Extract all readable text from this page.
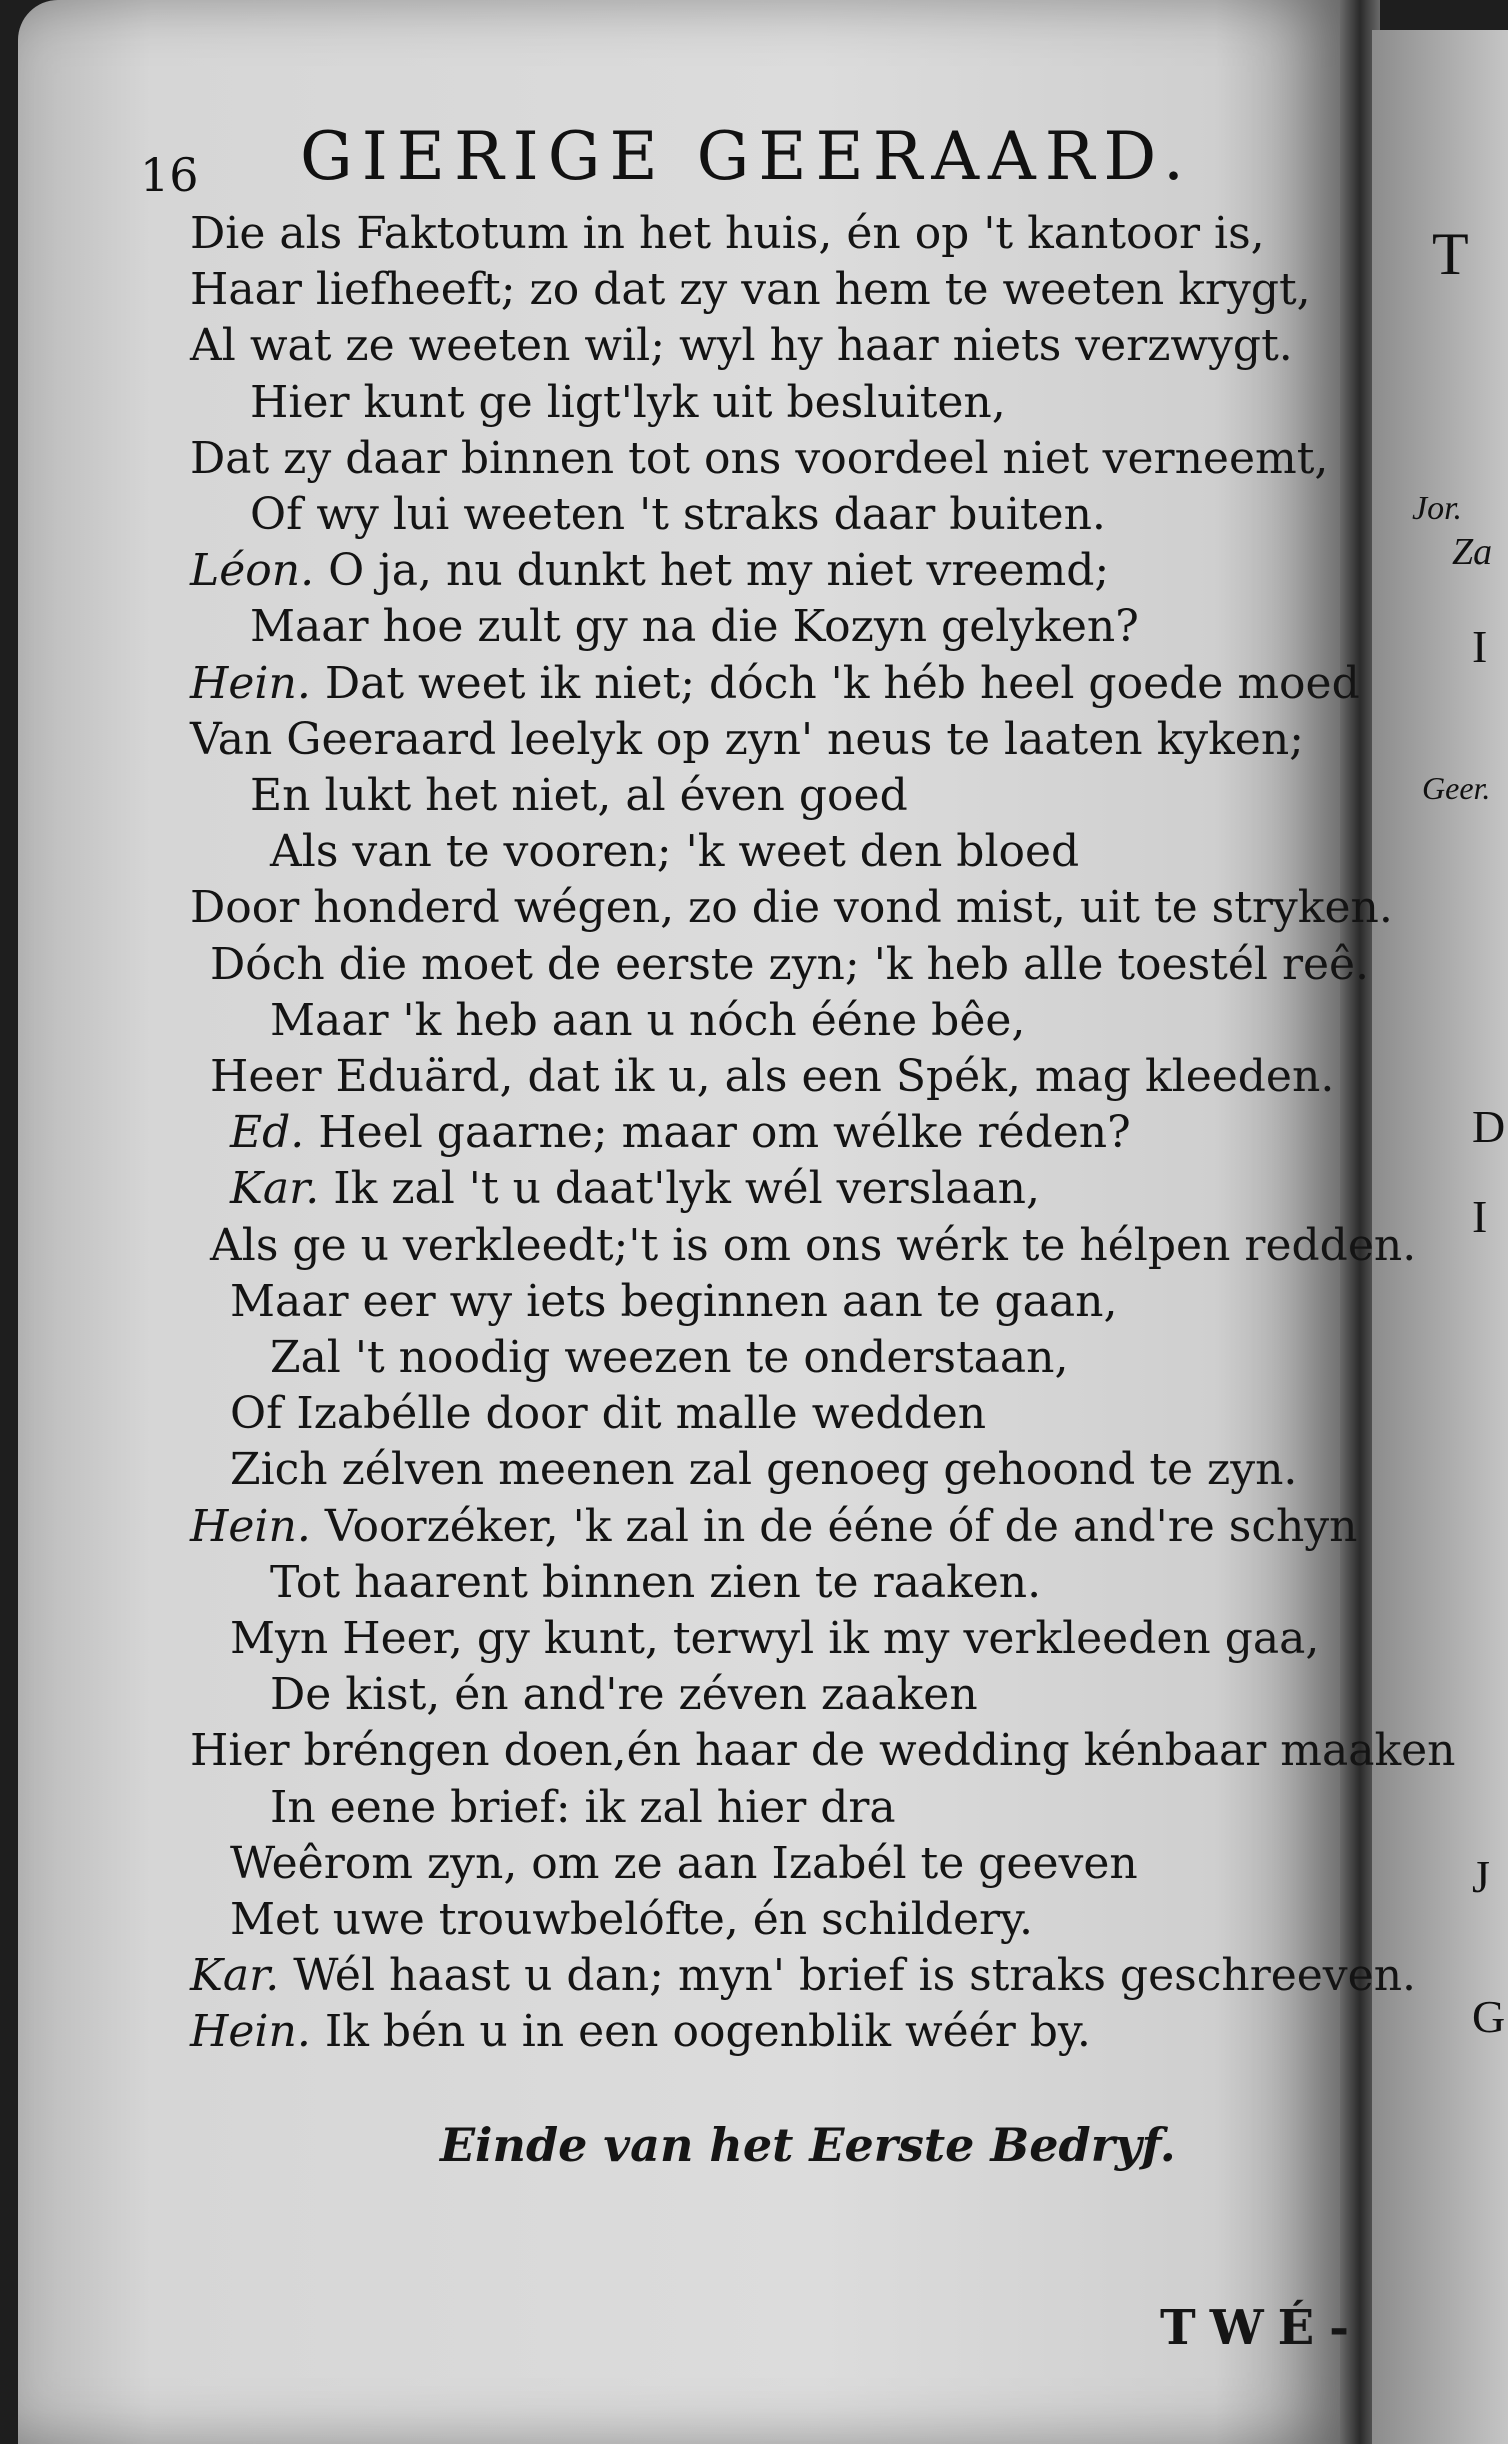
T
Jor.
Za
Geer.
I
D
I
J
G
16 GIERIGE GEERAARD.
Die als Faktotum in het huis, én op 't kantoor is,
Haar liefheeft; zo dat zy van hem te weeten krygt,
Al wat ze weeten wil; wyl hy haar niets verzwygt.
Hier kunt ge ligt'lyk uit besluiten,
Dat zy daar binnen tot ons voordeel niet verneemt,
Of wy lui weeten 't straks daar buiten.
Léon. O ja, nu dunkt het my niet vreemd;
Maar hoe zult gy na die Kozyn gelyken?
Hein. Dat weet ik niet; dóch 'k héb heel goede moed
Van Geeraard leelyk op zyn' neus te laaten kyken;
En lukt het niet, al éven goed
Als van te vooren; 'k weet den bloed
Door honderd wégen, zo die vond mist, uit te stryken.
Dóch die moet de eerste zyn; 'k heb alle toestél reê.
Maar 'k heb aan u nóch ééne bêe,
Heer Eduärd, dat ik u, als een Spék, mag kleeden.
Ed. Heel gaarne; maar om wélke réden?
Kar. Ik zal 't u daat'lyk wél verslaan,
Als ge u verkleedt;'t is om ons wérk te hélpen redden.
Maar eer wy iets beginnen aan te gaan,
Zal 't noodig weezen te onderstaan,
Of Izabélle door dit malle wedden
Zich zélven meenen zal genoeg gehoond te zyn.
Hein. Voorzéker, 'k zal in de ééne óf de and're schyn
Tot haarent binnen zien te raaken.
Myn Heer, gy kunt, terwyl ik my verkleeden gaa,
De kist, én and're zéven zaaken
Hier bréngen doen,én haar de wedding kénbaar maaken
In eene brief: ik zal hier dra
Weêrom zyn, om ze aan Izabél te geeven
Met uwe trouwbelófte, én schildery.
Kar. Wél haast u dan; myn' brief is straks geschreeven.
Hein. Ik bén u in een oogenblik wéér by.
Einde van het Eerste Bedryf.
TWÉ-
